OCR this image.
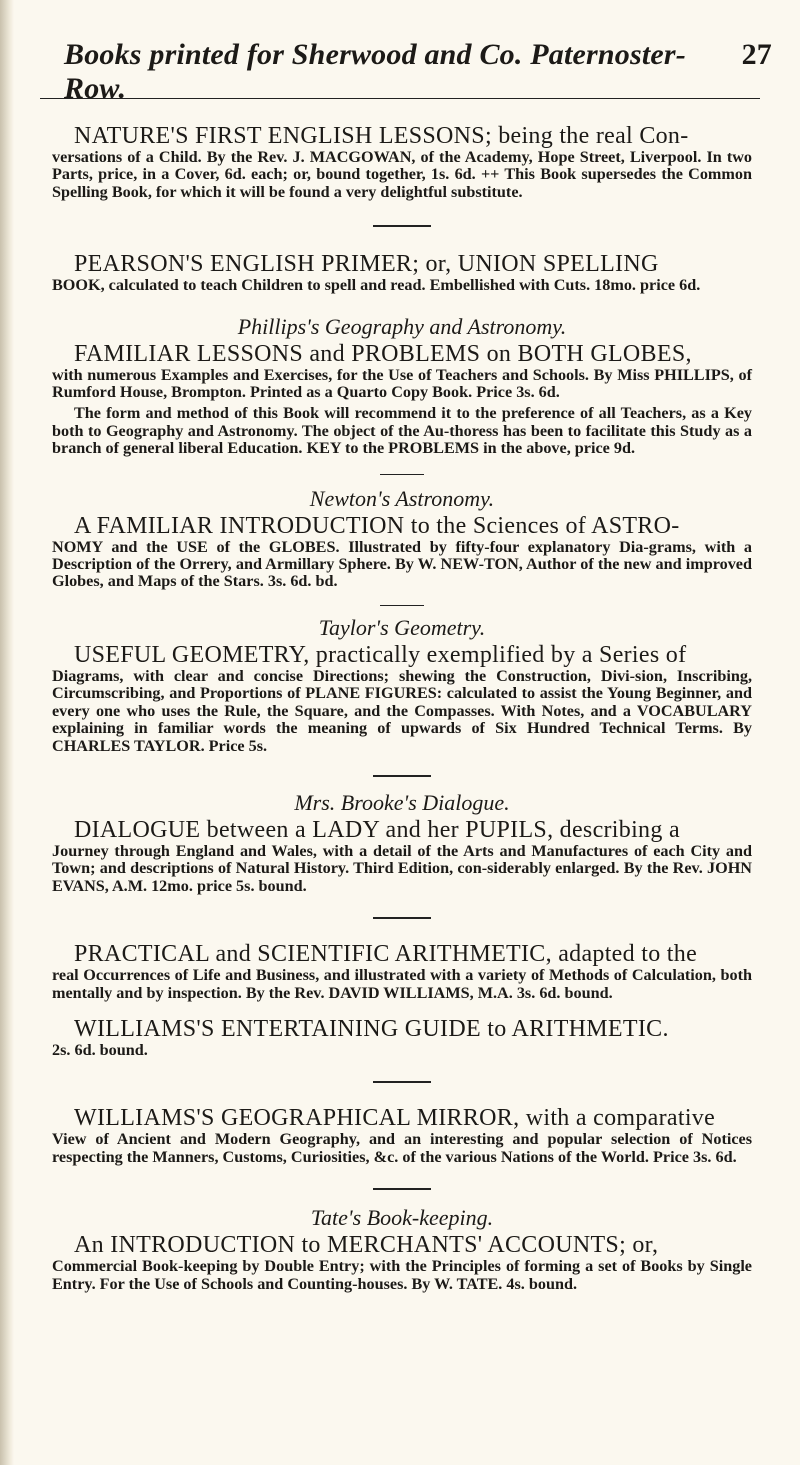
Books printed for Sherwood and Co. Paternoster-Row.
27
NATURE'S FIRST ENGLISH LESSONS; being the real Con-
versations of a Child. By the Rev. J. MACGOWAN, of the Academy, Hope Street, Liverpool. In two Parts, price, in a Cover, 6d. each; or, bound together, 1s. 6d. ++ This Book supersedes the Common Spelling Book, for which it will be found a very delightful substitute.
PEARSON'S ENGLISH PRIMER; or, UNION SPELLING
BOOK, calculated to teach Children to spell and read. Embellished with Cuts. 18mo. price 6d.
Phillips's Geography and Astronomy.
FAMILIAR LESSONS and PROBLEMS on BOTH GLOBES,
with numerous Examples and Exercises, for the Use of Teachers and Schools. By Miss PHILLIPS, of Rumford House, Brompton. Printed as a Quarto Copy Book. Price 3s. 6d.
The form and method of this Book will recommend it to the preference of all Teachers, as a Key both to Geography and Astronomy. The object of the Au-thoress has been to facilitate this Study as a branch of general liberal Education. KEY to the PROBLEMS in the above, price 9d.
Newton's Astronomy.
A FAMILIAR INTRODUCTION to the Sciences of ASTRO-
NOMY and the USE of the GLOBES. Illustrated by fifty-four explanatory Dia-grams, with a Description of the Orrery, and Armillary Sphere. By W. NEW-TON, Author of the new and improved Globes, and Maps of the Stars. 3s. 6d. bd.
Taylor's Geometry.
USEFUL GEOMETRY, practically exemplified by a Series of
Diagrams, with clear and concise Directions; shewing the Construction, Divi-sion, Inscribing, Circumscribing, and Proportions of PLANE FIGURES: calculated to assist the Young Beginner, and every one who uses the Rule, the Square, and the Compasses. With Notes, and a VOCABULARY explaining in familiar words the meaning of upwards of Six Hundred Technical Terms. By CHARLES TAYLOR. Price 5s.
Mrs. Brooke's Dialogue.
DIALOGUE between a LADY and her PUPILS, describing a
Journey through England and Wales, with a detail of the Arts and Manufactures of each City and Town; and descriptions of Natural History. Third Edition, con-siderably enlarged. By the Rev. JOHN EVANS, A.M. 12mo. price 5s. bound.
PRACTICAL and SCIENTIFIC ARITHMETIC, adapted to the
real Occurrences of Life and Business, and illustrated with a variety of Methods of Calculation, both mentally and by inspection. By the Rev. DAVID WILLIAMS, M.A. 3s. 6d. bound.
WILLIAMS'S ENTERTAINING GUIDE to ARITHMETIC.
2s. 6d. bound.
WILLIAMS'S GEOGRAPHICAL MIRROR, with a comparative
View of Ancient and Modern Geography, and an interesting and popular selection of Notices respecting the Manners, Customs, Curiosities, &c. of the various Nations of the World. Price 3s. 6d.
Tate's Book-keeping.
An INTRODUCTION to MERCHANTS' ACCOUNTS; or,
Commercial Book-keeping by Double Entry; with the Principles of forming a set of Books by Single Entry. For the Use of Schools and Counting-houses. By W. TATE. 4s. bound.
